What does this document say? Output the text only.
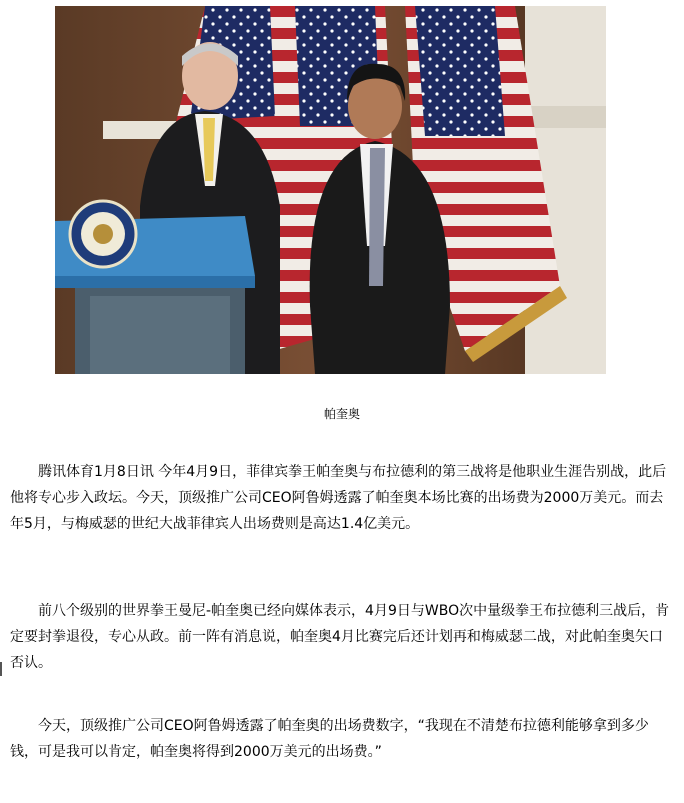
帕奎奥

腾讯体育1月8日讯 今年4月9日，菲律宾拳王帕奎奥与布拉德利的第三战将是他职业生涯告别战，此后他将专心步入政坛。今天，顶级推广公司CEO阿鲁姆透露了帕奎奥本场比赛的出场费为2000万美元。而去年5月，与梅威瑟的世纪大战菲律宾人出场费则是高达1.4亿美元。

前八个级别的世界拳王曼尼-帕奎奥已经向媒体表示，4月9日与WBO次中量级拳王布拉德利三战后，肯定要封拳退役，专心从政。前一阵有消息说，帕奎奥4月比赛完后还计划再和梅威瑟二战，对此帕奎奥矢口否认。

今天，顶级推广公司CEO阿鲁姆透露了帕奎奥的出场费数字，“我现在不清楚布拉德利能够拿到多少钱，可是我可以肯定，帕奎奥将得到2000万美元的出场费。”
